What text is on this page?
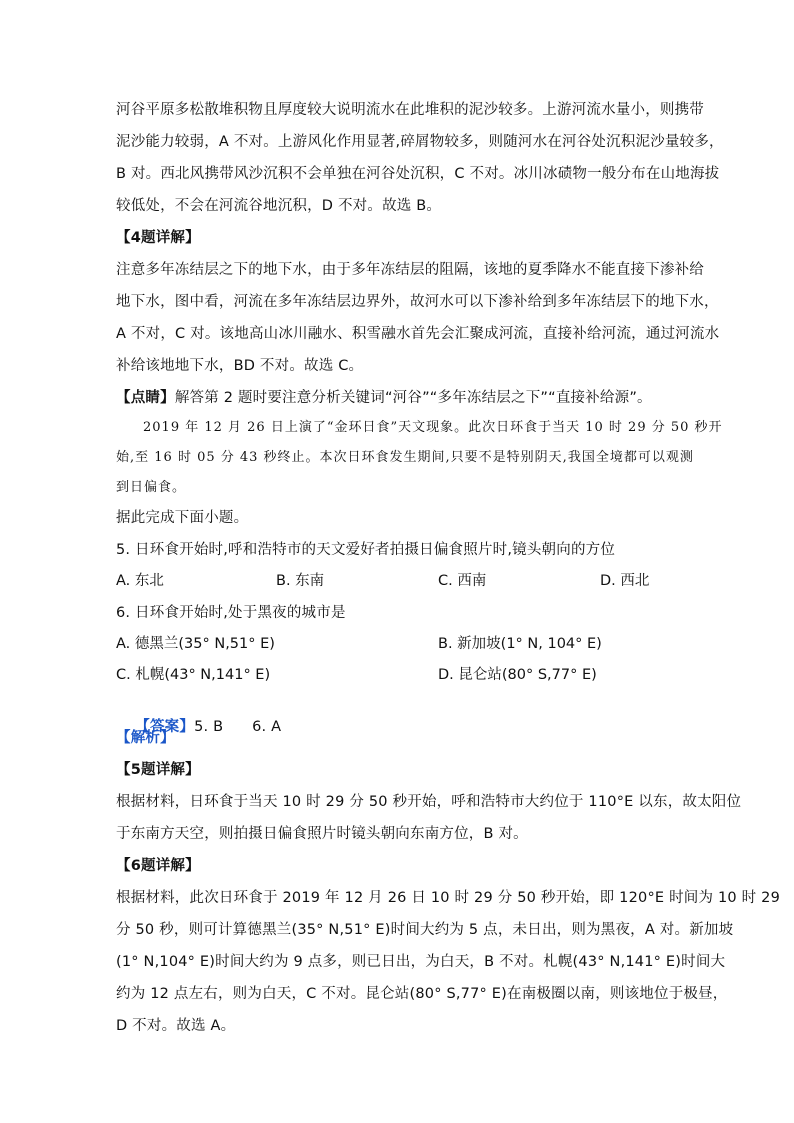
河谷平原多松散堆积物且厚度较大说明流水在此堆积的泥沙较多。上游河流水量小，则携带
泥沙能力较弱，A 不对。上游风化作用显著,碎屑物较多，则随河水在河谷处沉积泥沙量较多，
B 对。西北风携带风沙沉积不会单独在河谷处沉积，C 不对。冰川冰碛物一般分布在山地海拔
较低处，不会在河流谷地沉积，D 不对。故选 B。
【4题详解】
注意多年冻结层之下的地下水，由于多年冻结层的阻隔，该地的夏季降水不能直接下渗补给
地下水，图中看，河流在多年冻结层边界外，故河水可以下渗补给到多年冻结层下的地下水，
A 不对，C 对。该地高山冰川融水、积雪融水首先会汇聚成河流，直接补给河流，通过河流水
补给该地地下水，BD 不对。故选 C。
【点睛】解答第 2 题时要注意分析关键词“河谷”“多年冻结层之下”“直接补给源”。
2019 年 12 月 26 日上演了“金环日食”天文现象。此次日环食于当天 10 时 29 分 50 秒开
始,至 16 时 05 分 43 秒终止。本次日环食发生期间,只要不是特别阴天,我国全境都可以观测
到日偏食。
据此完成下面小题。
5. 日环食开始时,呼和浩特市的天文爱好者拍摄日偏食照片时,镜头朝向的方位
A. 东北	B. 东南	C. 西南	D. 西北
6. 日环食开始时,处于黑夜的城市是
A. 德黑兰(35° N,51° E)	B. 新加坡(1° N, 104° E)
C. 札幌(43° N,141° E)	D. 昆仑站(80° S,77° E)

【答案】5. B      6. A

【解析】
【5题详解】
根据材料，日环食于当天 10 时 29 分 50 秒开始，呼和浩特市大约位于 110°E 以东，故太阳位
于东南方天空，则拍摄日偏食照片时镜头朝向东南方位，B 对。
【6题详解】
根据材料，此次日环食于 2019 年 12 月 26 日 10 时 29 分 50 秒开始，即 120°E 时间为 10 时 29
分 50 秒，则可计算德黑兰(35° N,51° E)时间大约为 5 点，未日出，则为黑夜，A 对。新加坡
(1° N,104° E)时间大约为 9 点多，则已日出，为白天，B 不对。札幌(43° N,141° E)时间大
约为 12 点左右，则为白天，C 不对。昆仑站(80° S,77° E)在南极圈以南，则该地位于极昼，
D 不对。故选 A。
